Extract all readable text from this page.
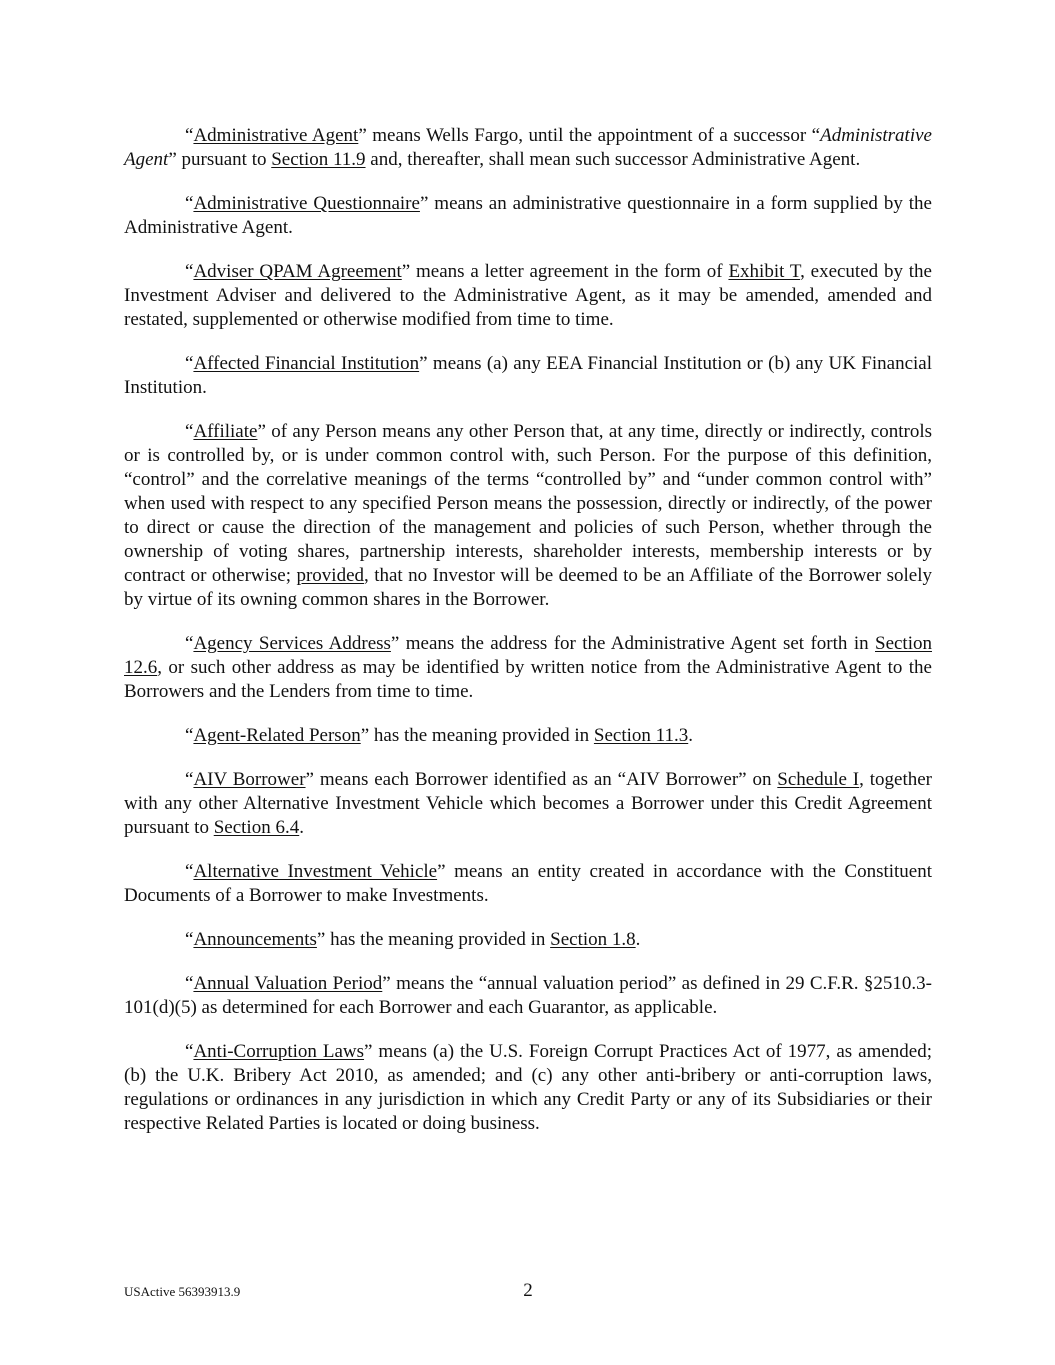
“Administrative Agent” means Wells Fargo, until the appointment of a successor “Administrative Agent” pursuant to Section 11.9 and, thereafter, shall mean such successor Administrative Agent.

“Administrative Questionnaire” means an administrative questionnaire in a form supplied by the Administrative Agent.

“Adviser QPAM Agreement” means a letter agreement in the form of Exhibit T, executed by the Investment Adviser and delivered to the Administrative Agent, as it may be amended, amended and restated, supplemented or otherwise modified from time to time.

“Affected Financial Institution” means (a) any EEA Financial Institution or (b) any UK Financial Institution.

“Affiliate” of any Person means any other Person that, at any time, directly or indirectly, controls or is controlled by, or is under common control with, such Person. For the purpose of this definition, “control” and the correlative meanings of the terms “controlled by” and “under common control with” when used with respect to any specified Person means the possession, directly or indirectly, of the power to direct or cause the direction of the management and policies of such Person, whether through the ownership of voting shares, partnership interests, shareholder interests, membership interests or by contract or otherwise; provided, that no Investor will be deemed to be an Affiliate of the Borrower solely by virtue of its owning common shares in the Borrower.

“Agency Services Address” means the address for the Administrative Agent set forth in Section 12.6, or such other address as may be identified by written notice from the Administrative Agent to the Borrowers and the Lenders from time to time.

“Agent-Related Person” has the meaning provided in Section 11.3.

“AIV Borrower” means each Borrower identified as an “AIV Borrower” on Schedule I, together with any other Alternative Investment Vehicle which becomes a Borrower under this Credit Agreement pursuant to Section 6.4.

“Alternative Investment Vehicle” means an entity created in accordance with the Constituent Documents of a Borrower to make Investments.

“Announcements” has the meaning provided in Section 1.8.

“Annual Valuation Period” means the “annual valuation period” as defined in 29 C.F.R. §2510.3-101(d)(5) as determined for each Borrower and each Guarantor, as applicable.

“Anti-Corruption Laws” means (a) the U.S. Foreign Corrupt Practices Act of 1977, as amended; (b) the U.K. Bribery Act 2010, as amended; and (c) any other anti-bribery or anti-corruption laws, regulations or ordinances in any jurisdiction in which any Credit Party or any of its Subsidiaries or their respective Related Parties is located or doing business.

USActive 56393913.9	2
